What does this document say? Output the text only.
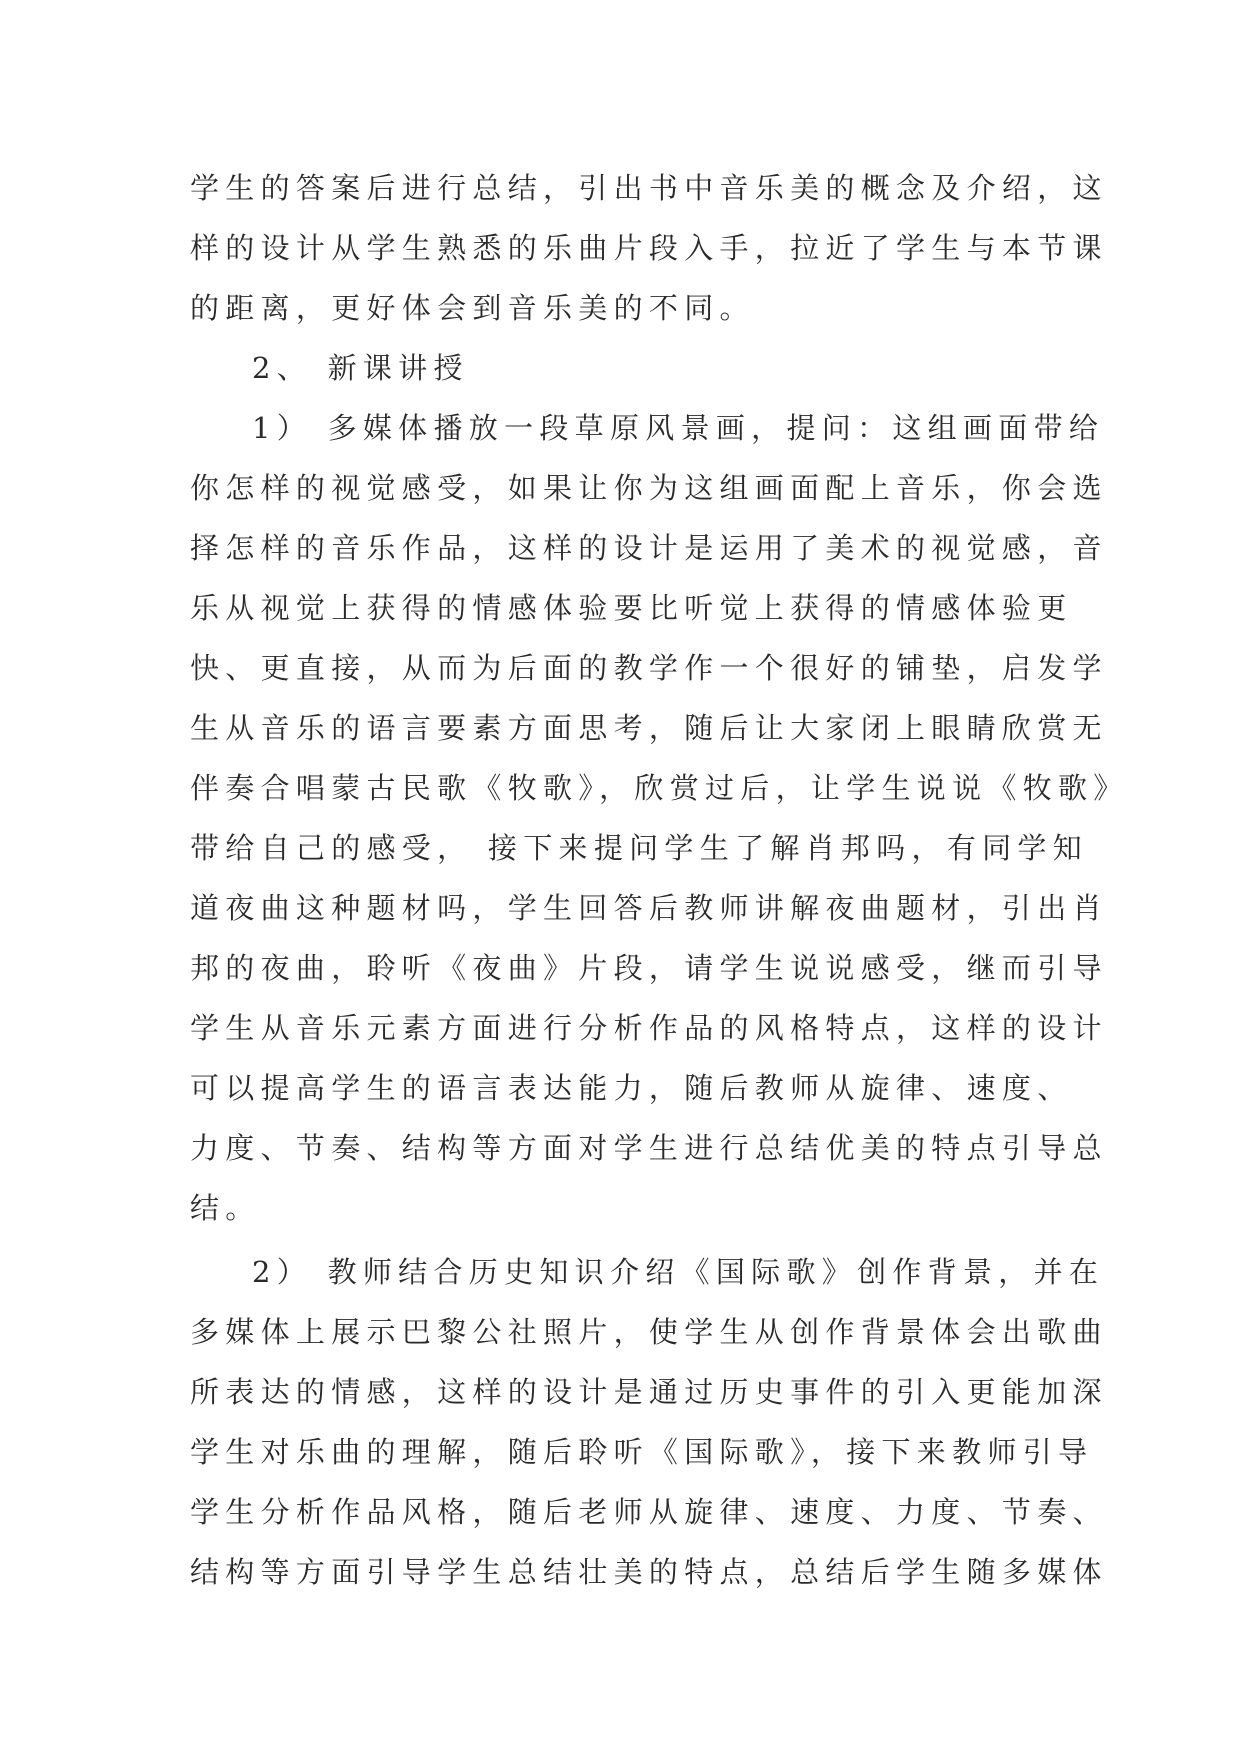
学生的答案后进行总结，引出书中音乐美的概念及介绍，这
样的设计从学生熟悉的乐曲片段入手，拉近了学生与本节课
的距离，更好体会到音乐美的不同。
2、 新课讲授
1） 多媒体播放一段草原风景画，提问：这组画面带给
你怎样的视觉感受，如果让你为这组画面配上音乐，你会选
择怎样的音乐作品，这样的设计是运用了美术的视觉感，音
乐从视觉上获得的情感体验要比听觉上获得的情感体验更
快、更直接，从而为后面的教学作一个很好的铺垫，启发学
生从音乐的语言要素方面思考，随后让大家闭上眼睛欣赏无
伴奏合唱蒙古民歌《牧歌》，欣赏过后，让学生说说《牧歌》
带给自己的感受， 接下来提问学生了解肖邦吗，有同学知
道夜曲这种题材吗，学生回答后教师讲解夜曲题材，引出肖
邦的夜曲，聆听《夜曲》片段，请学生说说感受，继而引导
学生从音乐元素方面进行分析作品的风格特点，这样的设计
可以提高学生的语言表达能力，随后教师从旋律、速度、
力度、节奏、结构等方面对学生进行总结优美的特点引导总
结。
2） 教师结合历史知识介绍《国际歌》创作背景，并在
多媒体上展示巴黎公社照片，使学生从创作背景体会出歌曲
所表达的情感，这样的设计是通过历史事件的引入更能加深
学生对乐曲的理解，随后聆听《国际歌》，接下来教师引导
学生分析作品风格，随后老师从旋律、速度、力度、节奏、
结构等方面引导学生总结壮美的特点，总结后学生随多媒体
